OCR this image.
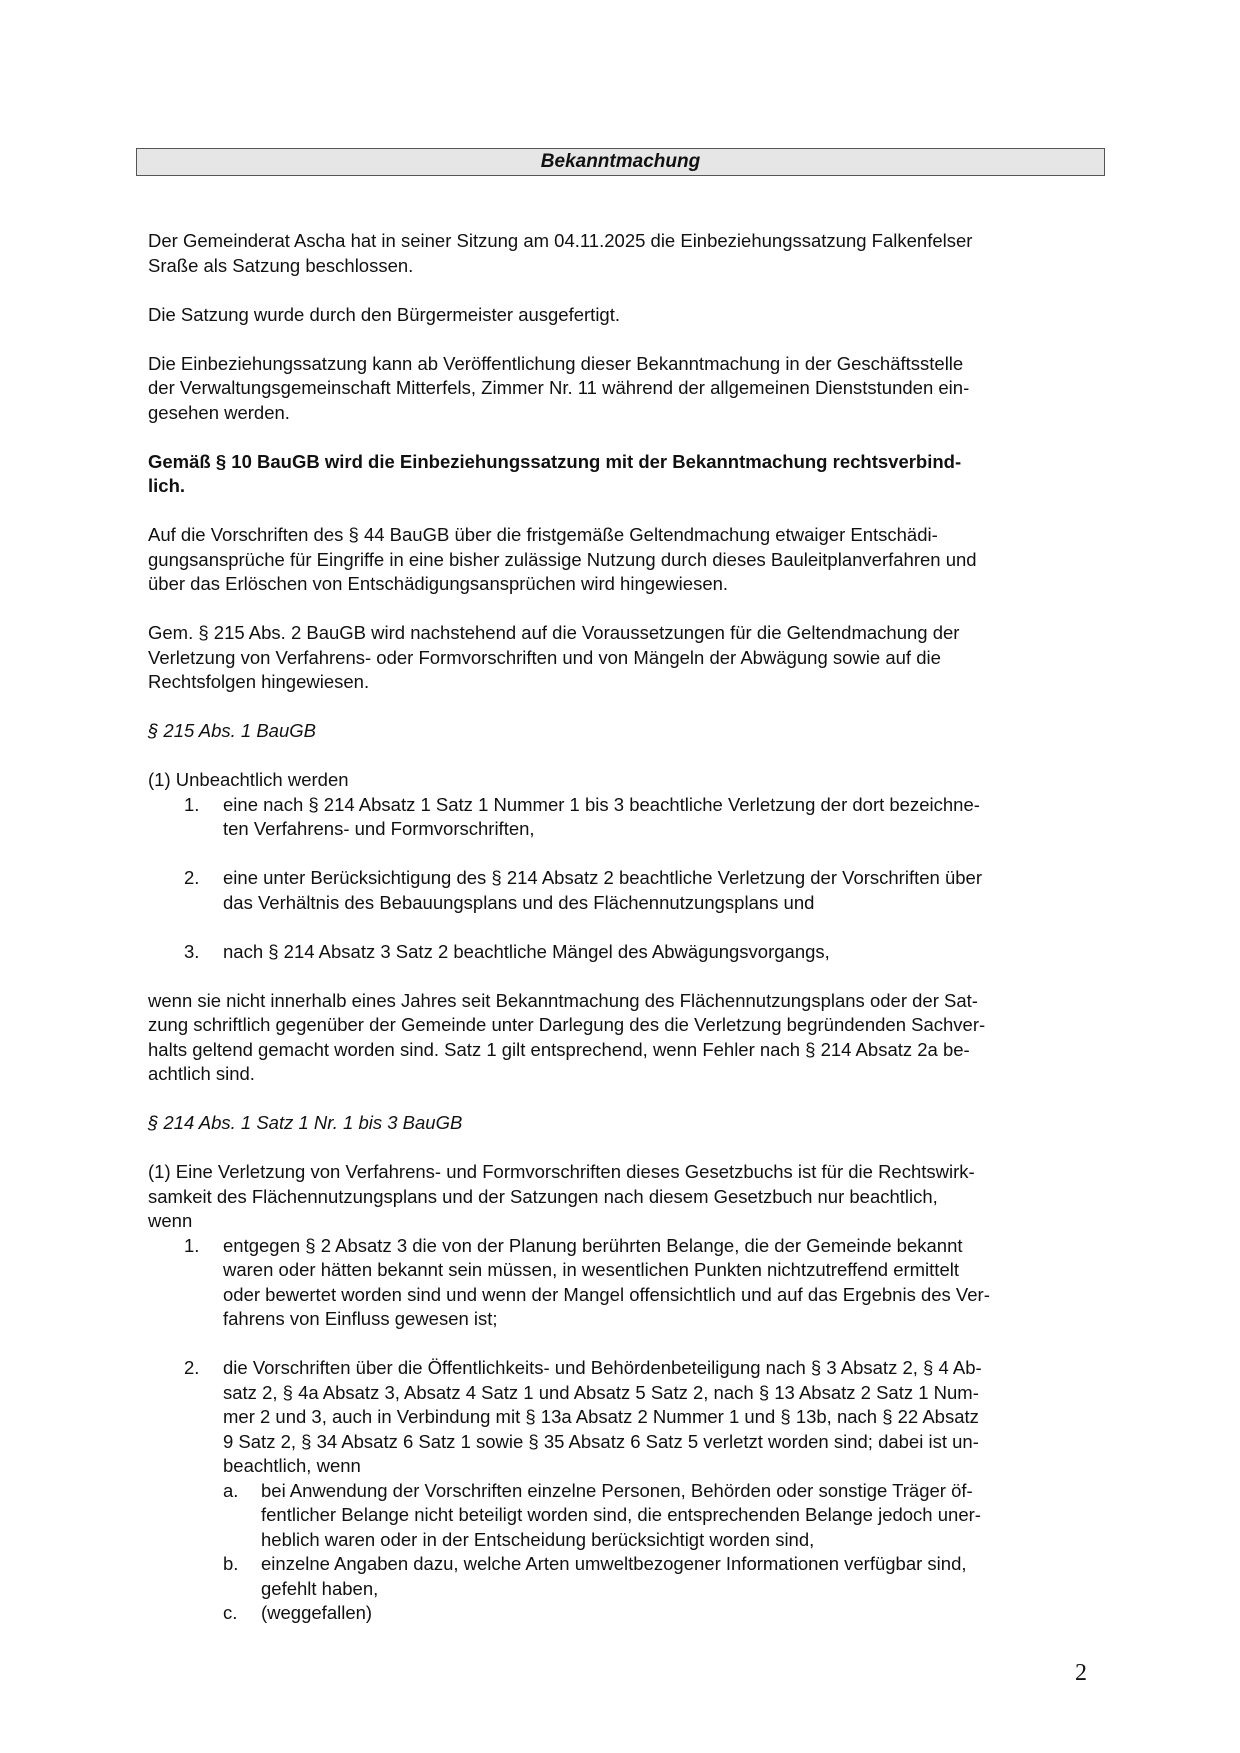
Bekanntmachung
Der Gemeinderat Ascha hat in seiner Sitzung am 04.11.2025 die Einbeziehungssatzung Falkenfelser
Sraße als Satzung beschlossen.
Die Satzung wurde durch den Bürgermeister ausgefertigt.
Die Einbeziehungssatzung kann ab Veröffentlichung dieser Bekanntmachung in der Geschäftsstelle
der Verwaltungsgemeinschaft Mitterfels, Zimmer Nr. 11 während der allgemeinen Dienststunden ein-
gesehen werden.
Gemäß § 10 BauGB wird die Einbeziehungssatzung mit der Bekanntmachung rechtsverbind-
lich.
Auf die Vorschriften des § 44 BauGB über die fristgemäße Geltendmachung etwaiger Entschädi-
gungsansprüche für Eingriffe in eine bisher zulässige Nutzung durch dieses Bauleitplanverfahren und
über das Erlöschen von Entschädigungsansprüchen wird hingewiesen.
Gem. § 215 Abs. 2 BauGB wird nachstehend auf die Voraussetzungen für die Geltendmachung der
Verletzung von Verfahrens- oder Formvorschriften und von Mängeln der Abwägung sowie auf die
Rechtsfolgen hingewiesen.
§ 215 Abs. 1 BauGB
(1) Unbeachtlich werden
1.	eine nach § 214 Absatz 1 Satz 1 Nummer 1 bis 3 beachtliche Verletzung der dort bezeichne-
ten Verfahrens- und Formvorschriften,
2.	eine unter Berücksichtigung des § 214 Absatz 2 beachtliche Verletzung der Vorschriften über
das Verhältnis des Bebauungsplans und des Flächennutzungsplans und
3.	nach § 214 Absatz 3 Satz 2 beachtliche Mängel des Abwägungsvorgangs,
wenn sie nicht innerhalb eines Jahres seit Bekanntmachung des Flächennutzungsplans oder der Sat-
zung schriftlich gegenüber der Gemeinde unter Darlegung des die Verletzung begründenden Sachver-
halts geltend gemacht worden sind. Satz 1 gilt entsprechend, wenn Fehler nach § 214 Absatz 2a be-
achtlich sind.
§ 214 Abs. 1 Satz 1 Nr. 1 bis 3 BauGB
(1) Eine Verletzung von Verfahrens- und Formvorschriften dieses Gesetzbuchs ist für die Rechtswirk-
samkeit des Flächennutzungsplans und der Satzungen nach diesem Gesetzbuch nur beachtlich,
wenn
1.	entgegen § 2 Absatz 3 die von der Planung berührten Belange, die der Gemeinde bekannt
waren oder hätten bekannt sein müssen, in wesentlichen Punkten nichtzutreffend ermittelt
oder bewertet worden sind und wenn der Mangel offensichtlich und auf das Ergebnis des Ver-
fahrens von Einfluss gewesen ist;
2.	die Vorschriften über die Öffentlichkeits- und Behördenbeteiligung nach § 3 Absatz 2, § 4 Ab-
satz 2, § 4a Absatz 3, Absatz 4 Satz 1 und Absatz 5 Satz 2, nach § 13 Absatz 2 Satz 1 Num-
mer 2 und 3, auch in Verbindung mit § 13a Absatz 2 Nummer 1 und § 13b, nach § 22 Absatz
9 Satz 2, § 34 Absatz 6 Satz 1 sowie § 35 Absatz 6 Satz 5 verletzt worden sind; dabei ist un-
beachtlich, wenn
a.	bei Anwendung der Vorschriften einzelne Personen, Behörden oder sonstige Träger öf-
fentlicher Belange nicht beteiligt worden sind, die entsprechenden Belange jedoch uner-
heblich waren oder in der Entscheidung berücksichtigt worden sind,
b.	einzelne Angaben dazu, welche Arten umweltbezogener Informationen verfügbar sind,
gefehlt haben,
c.	(weggefallen)
2
